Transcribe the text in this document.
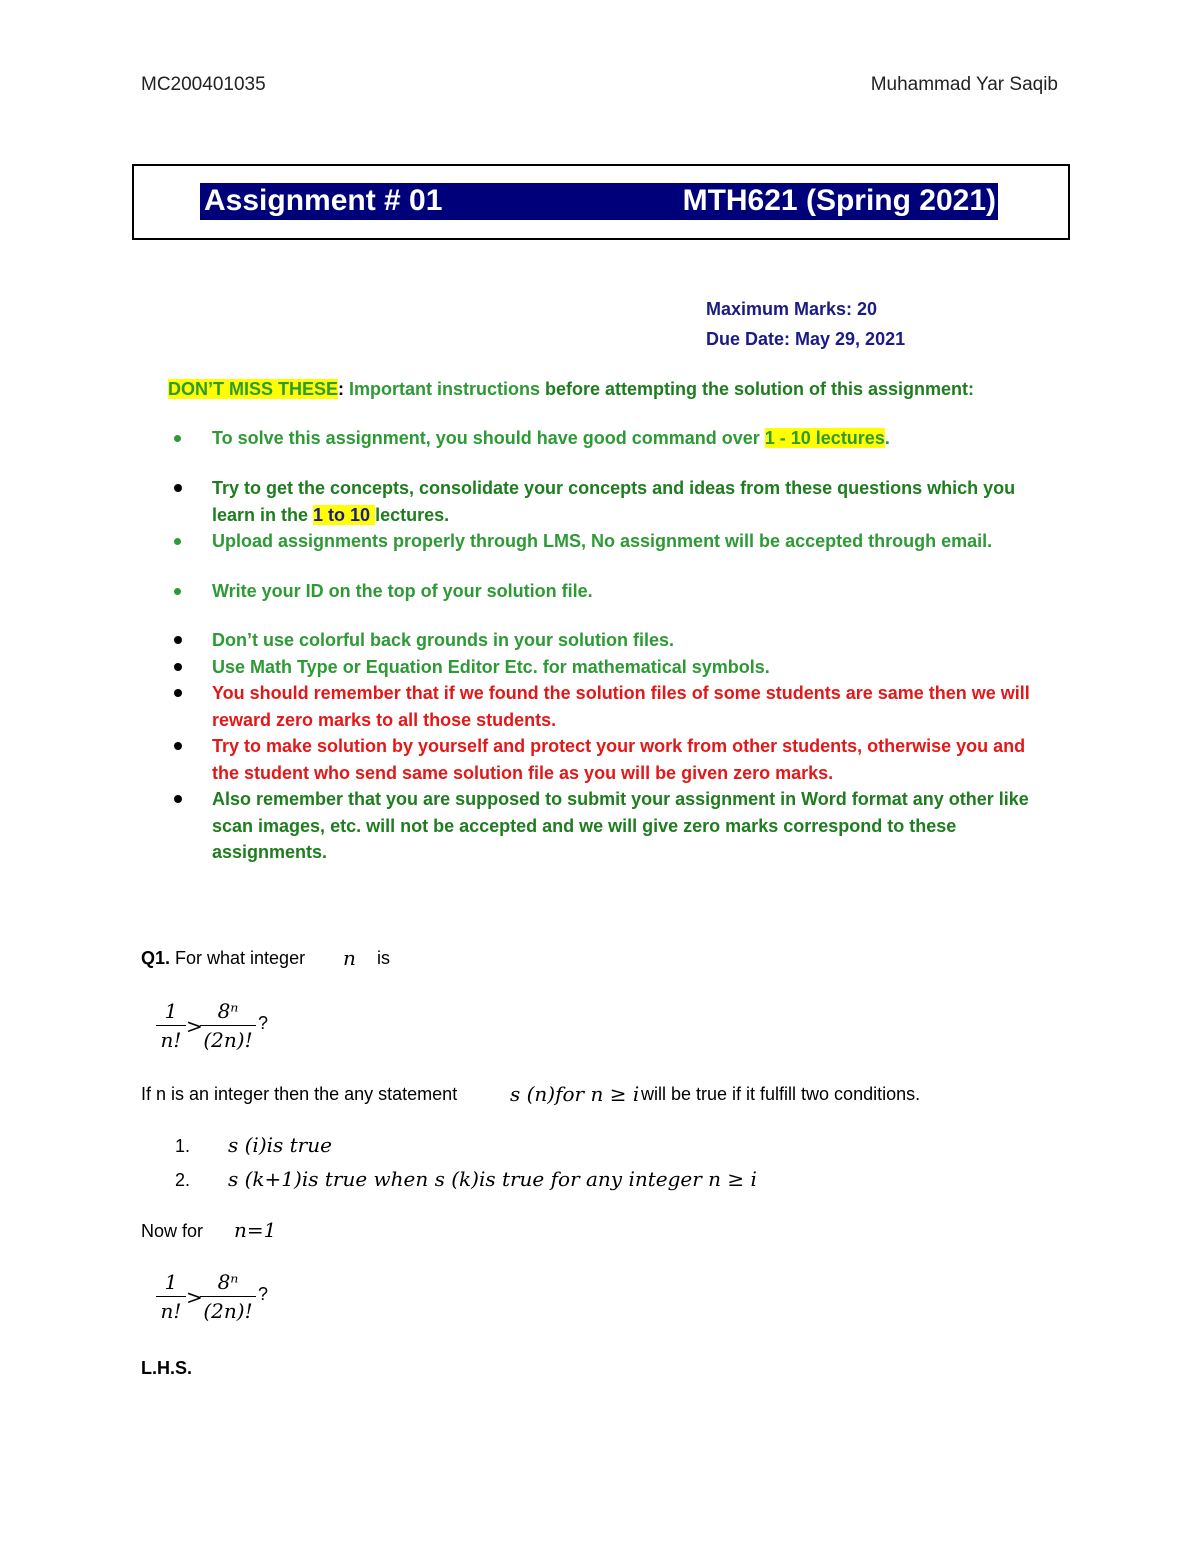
MC200401035	Muhammad Yar Saqib
Assignment # 01	MTH621 (Spring 2021)
Maximum Marks: 20
Due Date: May 29, 2021
DON’T MISS THESE: Important instructions before attempting the solution of this assignment:
To solve this assignment, you should have good command over 1 - 10 lectures.
Try to get the concepts, consolidate your concepts and ideas from these questions which you learn in the 1 to 10 lectures.
Upload assignments properly through LMS, No assignment will be accepted through email.
Write your ID on the top of your solution file.
Don’t use colorful back grounds in your solution files.
Use Math Type or Equation Editor Etc. for mathematical symbols.
You should remember that if we found the solution files of some students are same then we will reward zero marks to all those students.
Try to make solution by yourself and protect your work from other students, otherwise you and the student who send same solution file as you will be given zero marks.
Also remember that you are supposed to submit your assignment in Word format any other like scan images, etc. will not be accepted and we will give zero marks correspond to these assignments.
Q1. For what integer n is
1
n!
>
8ⁿ
(2n)!
?
If n is an integer then the any statement	s (n)for n ≥ i will be true if it fulfill two conditions.
1. s (i)is true
2. s (k+1)is true when s (k)is true for any integer n ≥ i
Now for n=1
1
n!
>
8ⁿ
(2n)!
?
L.H.S.
